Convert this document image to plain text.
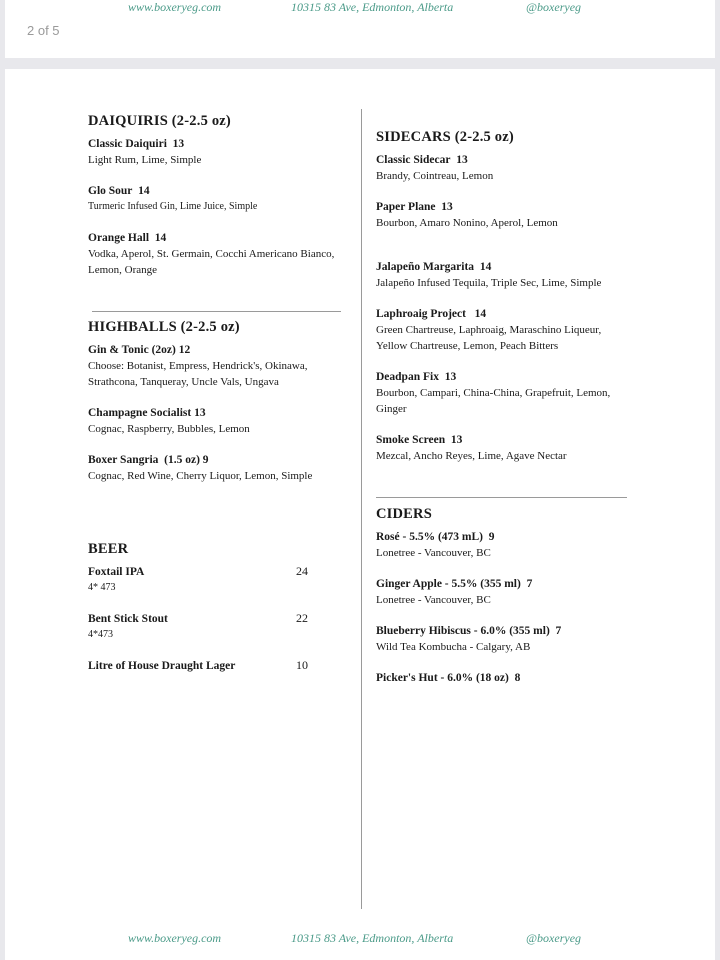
www.boxeryeg.com	10315 83 Ave, Edmonton, Alberta	@boxeryeg
2 of 5
DAIQUIRIS (2-2.5 oz)
Classic Daiquiri 13
Light Rum, Lime, Simple
Glo Sour 14
Turmeric Infused Gin, Lime Juice, Simple
Orange Hall 14
Vodka, Aperol, St. Germain, Cocchi Americano Bianco, Lemon, Orange
HIGHBALLS (2-2.5 oz)
Gin & Tonic (2oz) 12
Choose: Botanist, Empress, Hendrick's, Okinawa, Strathcona, Tanqueray, Uncle Vals, Ungava
Champagne Socialist 13
Cognac, Raspberry, Bubbles, Lemon
Boxer Sangria (1.5 oz) 9
Cognac, Red Wine, Cherry Liquor, Lemon, Simple
BEER
Foxtail IPA	24
4* 473
Bent Stick Stout	22
4*473
Litre of House Draught Lager	10
SIDECARS (2-2.5 oz)
Classic Sidecar 13
Brandy, Cointreau, Lemon
Paper Plane 13
Bourbon, Amaro Nonino, Aperol, Lemon
Jalapeño Margarita 14
Jalapeño Infused Tequila, Triple Sec, Lime, Simple
Laphroaig Project 14
Green Chartreuse, Laphroaig, Maraschino Liqueur, Yellow Chartreuse, Lemon, Peach Bitters
Deadpan Fix 13
Bourbon, Campari, China-China, Grapefruit, Lemon, Ginger
Smoke Screen 13
Mezcal, Ancho Reyes, Lime, Agave Nectar
CIDERS
Rosé - 5.5% (473 mL) 9
Lonetree - Vancouver, BC
Ginger Apple - 5.5% (355 ml) 7
Lonetree - Vancouver, BC
Blueberry Hibiscus - 6.0% (355 ml) 7
Wild Tea Kombucha - Calgary, AB
Picker's Hut - 6.0% (18 oz) 8
www.boxeryeg.com	10315 83 Ave, Edmonton, Alberta	@boxeryeg
